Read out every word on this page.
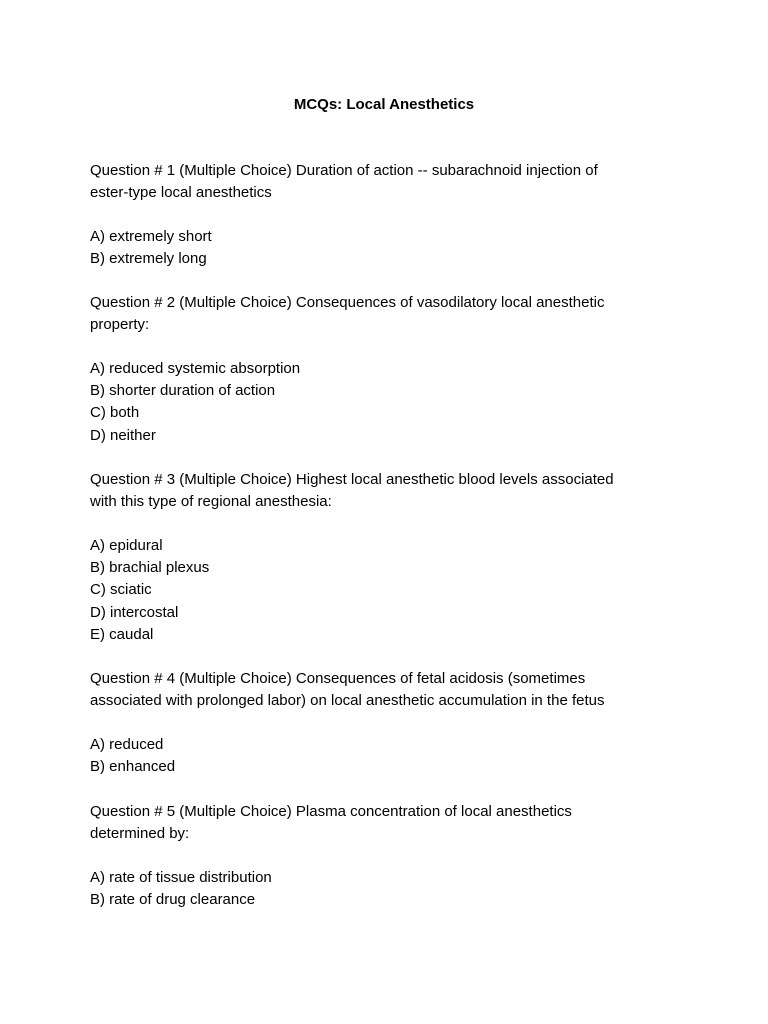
MCQs: Local Anesthetics
Question # 1 (Multiple Choice) Duration of action -- subarachnoid injection of
ester-type local anesthetics
A) extremely short
B) extremely long
Question # 2 (Multiple Choice) Consequences of vasodilatory local anesthetic
property:
A) reduced systemic absorption
B) shorter duration of action
C) both
D) neither
Question # 3 (Multiple Choice) Highest local anesthetic blood levels associated
with this type of regional anesthesia:
A) epidural
B) brachial plexus
C) sciatic
D) intercostal
E) caudal
Question # 4 (Multiple Choice) Consequences of fetal acidosis (sometimes
associated with prolonged labor) on local anesthetic accumulation in the fetus
A) reduced
B) enhanced
Question # 5 (Multiple Choice) Plasma concentration of local anesthetics
determined by:
A) rate of tissue distribution
B) rate of drug clearance
